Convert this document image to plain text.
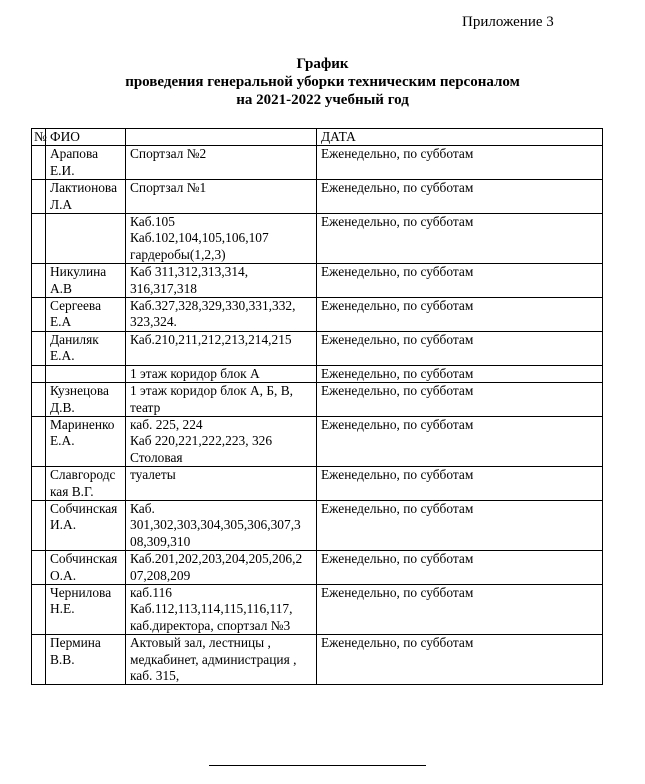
Приложение 3
График
проведения генеральной уборки техническим персоналом
на 2021-2022 учебный год
№	ФИО		ДАТА
	Арапова Е.И.	Спортзал №2	Еженедельно, по субботам
	Лактионова Л.А	Спортзал №1	Еженедельно, по субботам
		Каб.105
Каб.102,104,105,106,107
гардеробы(1,2,3)	Еженедельно, по субботам
	Никулина А.В	Каб 311,312,313,314,
316,317,318	Еженедельно, по субботам
	Сергеева Е.А	Каб.327,328,329,330,331,332,
323,324.	Еженедельно, по субботам
	Даниляк Е.А.	Каб.210,211,212,213,214,215	Еженедельно, по субботам
		1 этаж коридор блок А	Еженедельно, по субботам
	Кузнецова Д.В.	1 этаж коридор блок А, Б, В,
театр	Еженедельно, по субботам
	Мариненко Е.А.	каб. 225, 224
Каб 220,221,222,223, 326
Столовая	Еженедельно, по субботам
	Славгородс
кая В.Г.	туалеты	Еженедельно, по субботам
	Собчинская И.А.	Каб.
301,302,303,304,305,306,307,3
08,309,310	Еженедельно, по субботам
	Собчинская О.А.	Каб.201,202,203,204,205,206,2
07,208,209	Еженедельно, по субботам
	Чернилова Н.Е.	каб.116
Каб.112,113,114,115,116,117,
каб.директора, спортзал №3	Еженедельно, по субботам
	Пермина В.В.	Актовый зал, лестницы ,
медкабинет, администрация ,
каб. 315,	Еженедельно, по субботам
